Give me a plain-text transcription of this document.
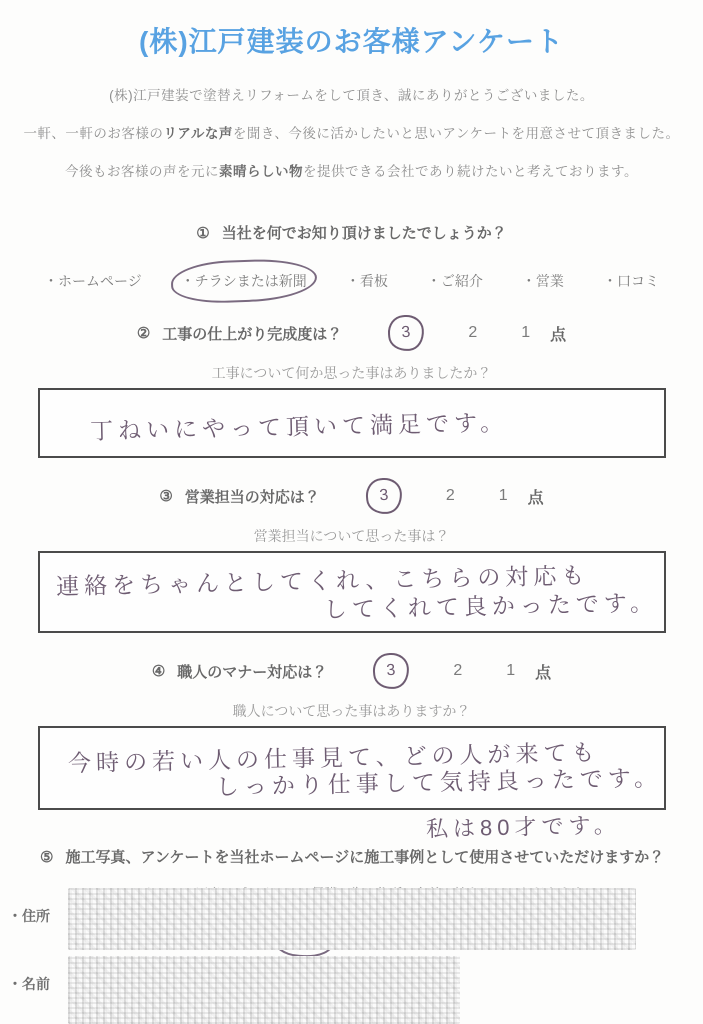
(株)江戸建装のお客様アンケート

(株)江戸建装で塗替えリフォームをして頂き、誠にありがとうございました。

一軒、一軒のお客様のリアルな声を聞き、今後に活かしたいと思いアンケートを用意させて頂きました。

今後もお客様の声を元に素晴らしい物を提供できる会社であり続けたいと考えております。

① 当社を何でお知り頂けましたでしょうか？
・ホームページ	・チラシまたは新聞	・看板	・ご紹介	・営業	・口コミ
② 工事の仕上がり完成度は？	3	2	1 点
工事について何か思った事はありましたか？
丁ねいにやって頂いて満足です。
③ 営業担当の対応は？	3	2	1 点
営業担当について思った事は？
連絡をちゃんとしてくれ、こちらの対応も
してくれて良かったです。
④ 職人のマナー対応は？	3	2	1 点
職人について思った事はありますか？
今時の若い人の仕事見て、どの人が来ても
しっかり仕事して気持良ったです。
私は80才です。
⑤ 施工写真、アンケートを当社ホームページに施工事例として使用させていただけますか？
・住所
・名前
